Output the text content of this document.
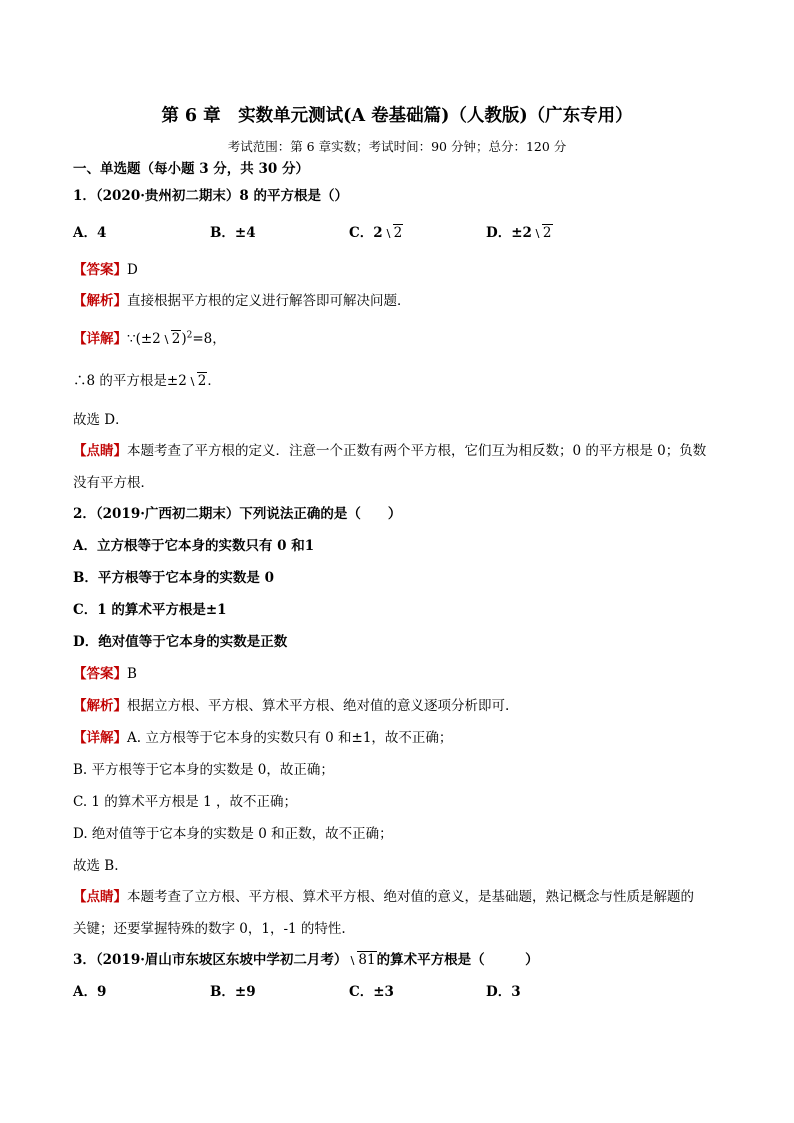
第 6 章　实数单元测试(A 卷基础篇)（人教版)（广东专用）
考试范围：第 6 章实数；考试时间：90 分钟；总分：120 分
一、单选题（每小题 3 分，共 30 分）
1．（2020·贵州初二期末）8 的平方根是（）
A．4	B．±4	C．2 2	D．±2 2
【答案】D
【解析】直接根据平方根的定义进行解答即可解决问题．
【详解】∵(±2 2)$^2$=8，
∴8 的平方根是±2 2．
故选 D．
【点睛】本题考查了平方根的定义．注意一个正数有两个平方根，它们互为相反数；0 的平方根是 0；负数
没有平方根．
2．（2019·广西初二期末）下列说法正确的是（　　）
A．立方根等于它本身的实数只有 0 和1
B．平方根等于它本身的实数是 0
C．1 的算术平方根是±1
D．绝对值等于它本身的实数是正数
【答案】B
【解析】根据立方根、平方根、算术平方根、绝对值的意义逐项分析即可.
【详解】A. 立方根等于它本身的实数只有 0 和±1，故不正确；
B. 平方根等于它本身的实数是 0，故正确；
C. 1 的算术平方根是 1 ，故不正确；
D. 绝对值等于它本身的实数是 0 和正数，故不正确；
故选 B.
【点睛】本题考查了立方根、平方根、算术平方根、绝对值的意义，是基础题，熟记概念与性质是解题的
关键；还要掌握特殊的数字 0，1，-1 的特性.
3．（2019·眉山市东坡区东坡中学初二月考） 81的算术平方根是（　　　）
A．9	B．±9	C．±3	D．3
